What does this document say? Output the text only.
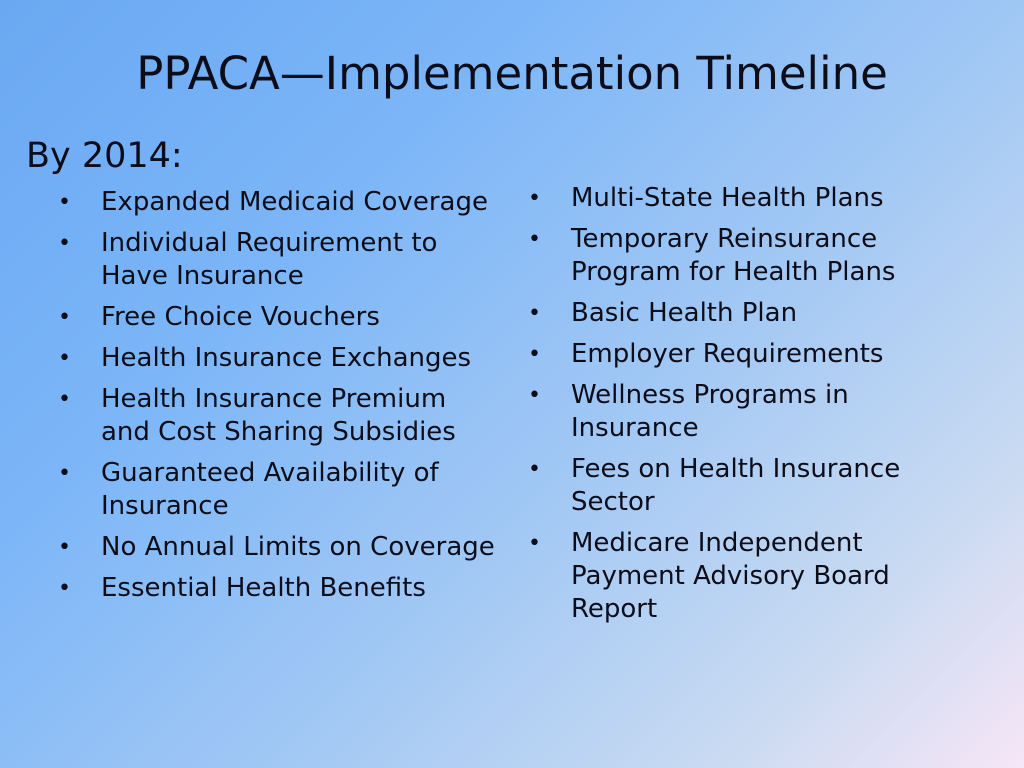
PPACA—Implementation Timeline
By 2014:
• Expanded Medicaid Coverage
• Individual Requirement to Have Insurance
• Free Choice Vouchers
• Health Insurance Exchanges
• Health Insurance Premium and Cost Sharing Subsidies
• Guaranteed Availability of Insurance
• No Annual Limits on Coverage
• Essential Health Benefits
• Multi-State Health Plans
• Temporary Reinsurance Program for Health Plans
• Basic Health Plan
• Employer Requirements
• Wellness Programs in Insurance
• Fees on Health Insurance Sector
• Medicare Independent Payment Advisory Board Report
